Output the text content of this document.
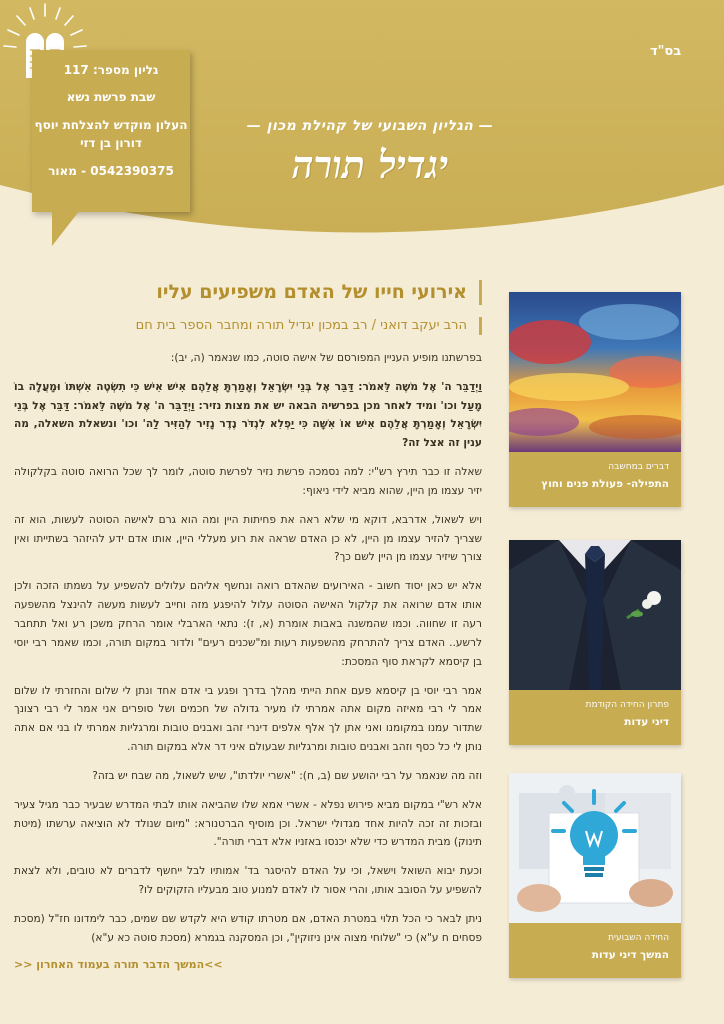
בס"ד
— הגליון השבועי של קהילת מכון —
יגדיל תורה
גליון מספר: 117
שבת פרשת נשא
העלון מוקדש להצלחת יוסף
דורון בן דזי
0542390375 - מאור
אירועי חייו של האדם משפיעים עליו
הרב יעקב דואני / רב במכון יגדיל תורה ומחבר הספר בית חם

בפרשתנו מופיע העניין המפורסם של אישה סוטה, כמו שנאמר (ה, יב):

וַיְדַבֵּר ה' אֶל משֶׁה לֵּאמֹר: דַּבֵּר אֶל בְּנֵי יִשְׂרָאֵל וְאָמַרְתָּ אֲלֵהֶם אִישׁ אִישׁ כִּי תִשְׂטֶה אִשְׁתּוֹ וּמָעֲלָה בוֹ מָעַל וכו' ומיד לאחר מכן בפרשיה הבאה יש את מצות נזיר: וַיְדַבֵּר ה' אֶל משֶׁה לֵּאמֹר: דַּבֵּר אֶל בְּנֵי יִשְׂרָאֵל וְאָמַרְתָּ אֲלֵהֶם אִישׁ אוֹ אִשָּׁה כִּי יַפְלִא לִנְדֹּר נֶדֶר נָזִיר לְהַזִּיר לַה' וכו' ונשאלת השאלה, מה ענין זה אצל זה?

שאלה זו כבר תירץ רש"י: למה נסמכה פרשת נזיר לפרשת סוטה, לומר לך שכל הרואה סוטה בקלקולה יזיר עצמו מן היין, שהוא מביא לידי ניאוף:

ויש לשאול, אדרבא, דוקא מי שלא ראה את פחיתות היין ומה הוא גרם לאישה הסוטה לעשות, הוא זה שצריך להזיר עצמו מן היין, לא כן האדם שראה את רוע מעללי היין, אותו אדם ידע להיזהר בשתייתו ואין צורך שיזיר עצמו מן היין לשם כך?

אלא יש כאן יסוד חשוב - האירועים שהאדם רואה ונחשף אליהם עלולים להשפיע על נשמתו הזכה ולכן אותו אדם שרואה את קלקול האישה הסוטה עלול להיפגע מזה וחייב לעשות מעשה להינצל מהשפעה רעה זו שחווה. וכמו שהמשנה באבות אומרת (א, ז): נתאי הארבלי אומר הרחק משכן רע ואל תתחבר לרשע.. האדם צריך להתרחק מהשפעות רעות ומ"שכנים רעים" ולדור במקום תורה, וכמו שאמר רבי יוסי בן קיסמא לקראת סוף המסכת:

אמר רבי יוסי בן קיסמא פעם אחת הייתי מהלך בדרך ופגע בי אדם אחד ונתן לי שלום והחזרתי לו שלום אמר לי רבי מאיזה מקום אתה אמרתי לו מעיר גדולה של חכמים ושל סופרים אני אמר לי רבי רצונך שתדור עמנו במקומנו ואני אתן לך אלף אלפים דינרי זהב ואבנים טובות ומרגליות אמרתי לו בני אם אתה נותן לי כל כסף וזהב ואבנים טובות ומרגליות שבעולם איני דר אלא במקום תורה.

וזה מה שנאמר על רבי יהושע שם (ב, ח): "אשרי יולדתו", שיש לשאול, מה שבח יש בזה?

אלא רש"י במקום מביא פירוש נפלא - אשרי אמא שלו שהביאה אותו לבתי המדרש שבעיר כבר מגיל צעיר ובזכות זה זכה להיות אחד מגדולי ישראל. וכן מוסיף הברטנורא: "מיום שנולד לא הוציאה ערשתו (מיטת תינוק) מבית המדרש כדי שלא יכנסו באזניו אלא דברי תורה".

וכעת יבוא השואל וישאל, וכי על האדם להיסגר בד' אמותיו לבל ייחשף לדברים לא טובים, ולא לצאת להשפיע על הסובב אותו, והרי אסור לו לאדם למנוע טוב מבעליו הזקוקים לו?

ניתן לבאר כי הכל תלוי במטרת האדם, אם מטרתו קודש היא לקדש שם שמים, כבר לימדונו חז"ל (מסכת פסחים ח ע"א) כי "שלוחי מצוה אינן ניזוקין", וכן המסקנה בגמרא (מסכת סוטה כא ע"א)

>> המשך הדבר תורה בעמוד האחרון<<
דברים במחשבה
התפילה- פעולת פנים וחוץ
פתרון החידה הקודמת
דיני עדות
החידה השבועית
המשך דיני עדות
